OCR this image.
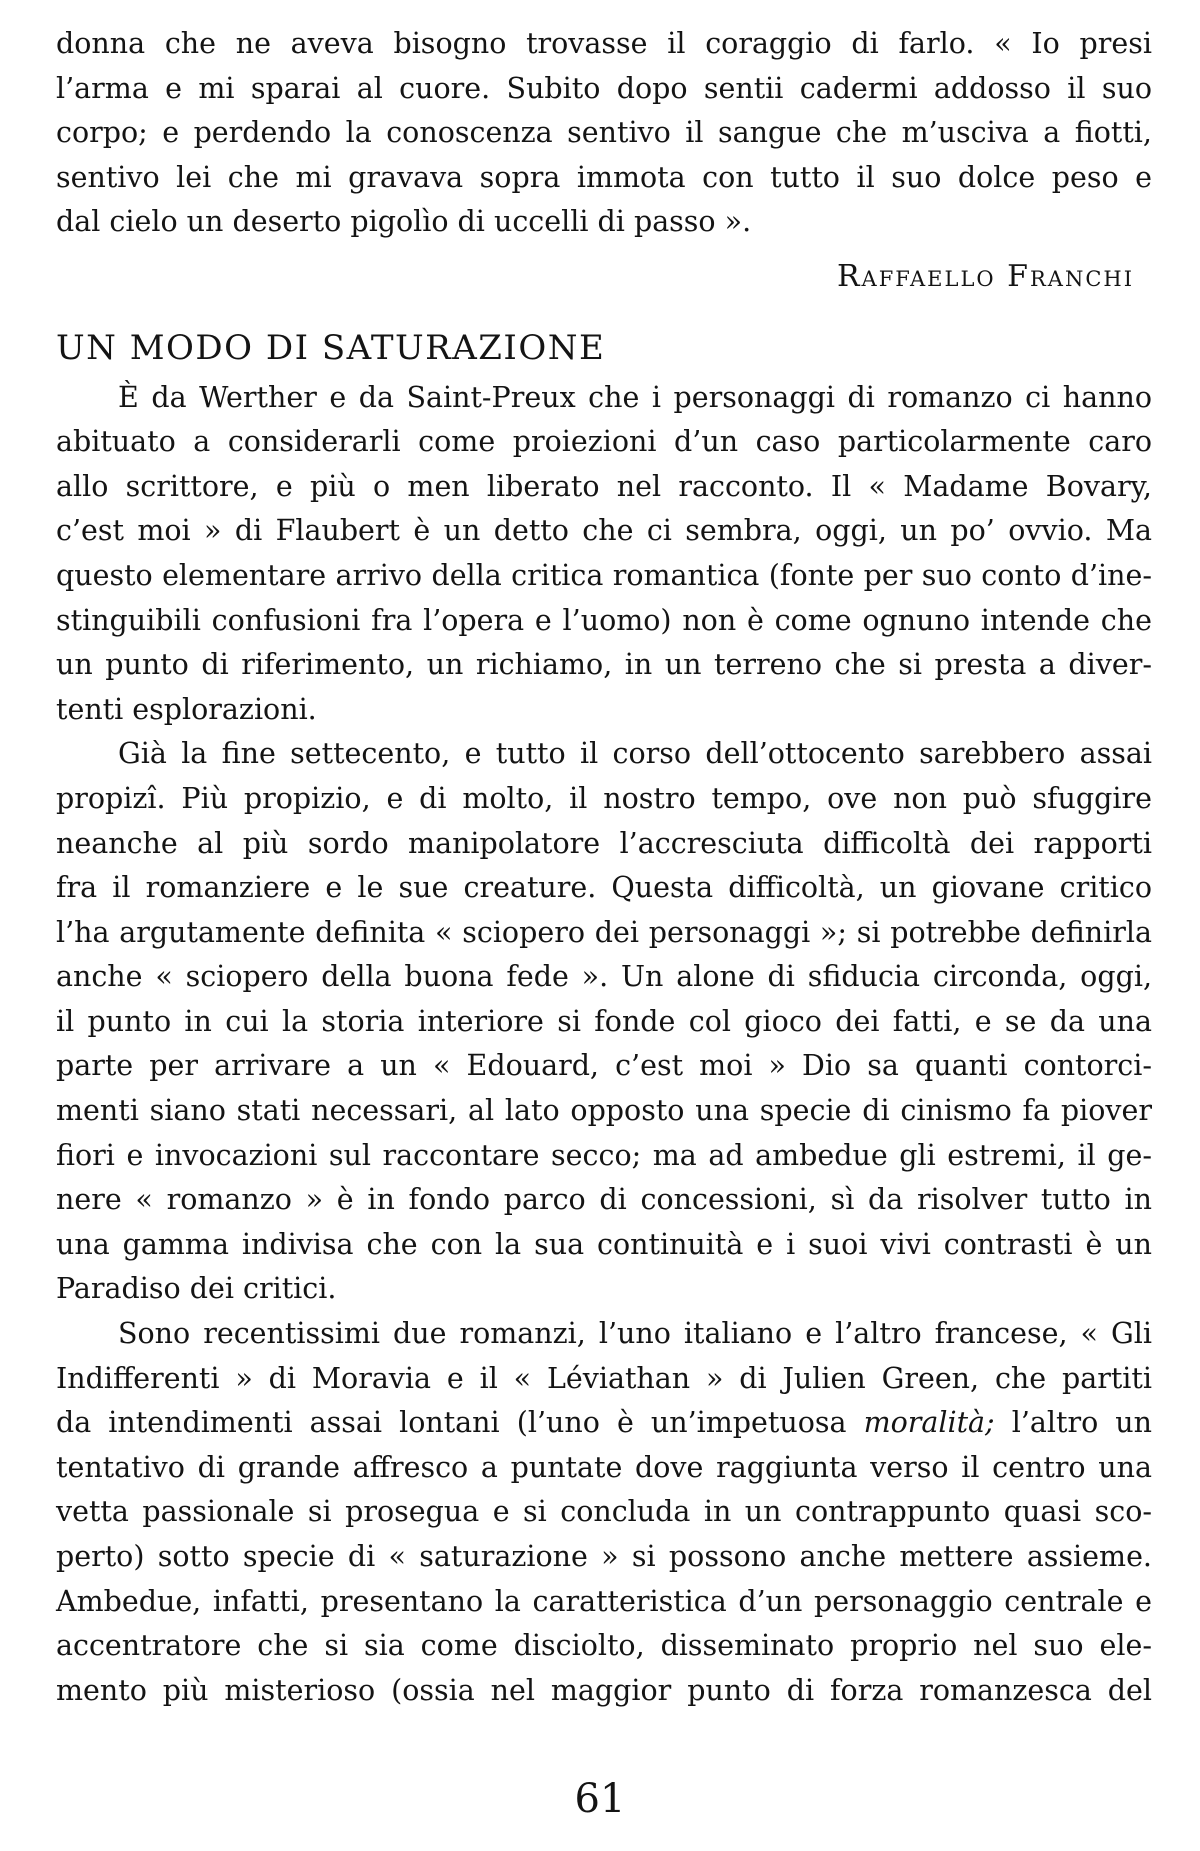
donna che ne aveva bisogno trovasse il coraggio di farlo. « Io presi
l’arma e mi sparai al cuore. Subito dopo sentii cadermi addosso il suo
corpo; e perdendo la conoscenza sentivo il sangue che m’usciva a fiotti,
sentivo lei che mi gravava sopra immota con tutto il suo dolce peso e
dal cielo un deserto pigolìo di uccelli di passo ».
Raffaello Franchi
UN MODO DI SATURAZIONE
È da Werther e da Saint-Preux che i personaggi di romanzo ci hanno
abituato a considerarli come proiezioni d’un caso particolarmente caro
allo scrittore, e più o men liberato nel racconto. Il « Madame Bovary,
c’est moi » di Flaubert è un detto che ci sembra, oggi, un po’ ovvio. Ma
questo elementare arrivo della critica romantica (fonte per suo conto d’ine-
stinguibili confusioni fra l’opera e l’uomo) non è come ognuno intende che
un punto di riferimento, un richiamo, in un terreno che si presta a diver-
tenti esplorazioni.
Già la fine settecento, e tutto il corso dell’ottocento sarebbero assai
propizî. Più propizio, e di molto, il nostro tempo, ove non può sfuggire
neanche al più sordo manipolatore l’accresciuta difficoltà dei rapporti
fra il romanziere e le sue creature. Questa difficoltà, un giovane critico
l’ha argutamente definita « sciopero dei personaggi »; si potrebbe definirla
anche « sciopero della buona fede ». Un alone di sfiducia circonda, oggi,
il punto in cui la storia interiore si fonde col gioco dei fatti, e se da una
parte per arrivare a un « Edouard, c’est moi » Dio sa quanti contorci-
menti siano stati necessari, al lato opposto una specie di cinismo fa piover
fiori e invocazioni sul raccontare secco; ma ad ambedue gli estremi, il ge-
nere « romanzo » è in fondo parco di concessioni, sì da risolver tutto in
una gamma indivisa che con la sua continuità e i suoi vivi contrasti è un
Paradiso dei critici.
Sono recentissimi due romanzi, l’uno italiano e l’altro francese, « Gli
Indifferenti » di Moravia e il « Léviathan » di Julien Green, che partiti
da intendimenti assai lontani (l’uno è un’impetuosa moralità; l’altro un
tentativo di grande affresco a puntate dove raggiunta verso il centro una
vetta passionale si prosegua e si concluda in un contrappunto quasi sco-
perto) sotto specie di « saturazione » si possono anche mettere assieme.
Ambedue, infatti, presentano la caratteristica d’un personaggio centrale e
accentratore che si sia come disciolto, disseminato proprio nel suo ele-
mento più misterioso (ossia nel maggior punto di forza romanzesca del
61
